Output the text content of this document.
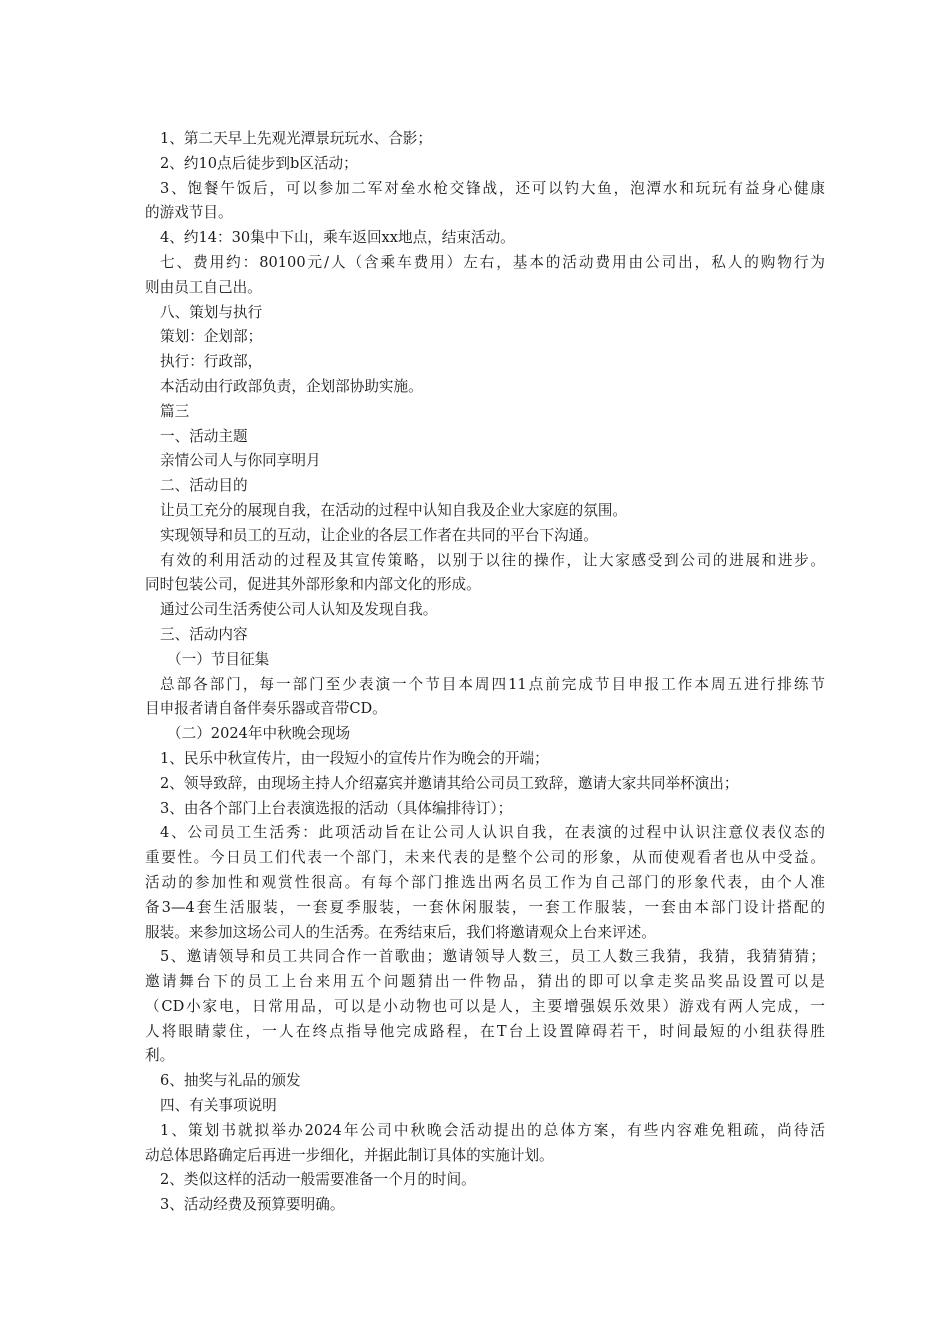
1、第二天早上先观光潭景玩玩水、合影；
2、约10点后徒步到b区活动；
3、饱餐午饭后，可以参加二军对垒水枪交锋战，还可以钓大鱼，泡潭水和玩玩有益身心健康
的游戏节目。
4、约14：30集中下山，乘车返回xx地点，结束活动。
七、费用约：80100元/人（含乘车费用）左右，基本的活动费用由公司出，私人的购物行为
则由员工自己出。
八、策划与执行
策划：企划部；
执行：行政部，
本活动由行政部负责，企划部协助实施。
篇三
一、活动主题
亲情公司人与你同享明月
二、活动目的
让员工充分的展现自我，在活动的过程中认知自我及企业大家庭的氛围。
实现领导和员工的互动，让企业的各层工作者在共同的平台下沟通。
有效的利用活动的过程及其宣传策略，以别于以往的操作，让大家感受到公司的进展和进步。
同时包装公司，促进其外部形象和内部文化的形成。
通过公司生活秀使公司人认知及发现自我。
三、活动内容
（一）节目征集
总部各部门，每一部门至少表演一个节目本周四11点前完成节目申报工作本周五进行排练节
目申报者请自备伴奏乐器或音带CD。
（二）2024年中秋晚会现场
1、民乐中秋宣传片，由一段短小的宣传片作为晚会的开端；
2、领导致辞，由现场主持人介绍嘉宾并邀请其给公司员工致辞，邀请大家共同举杯演出；
3、由各个部门上台表演选报的活动（具体编排待订）；
4、公司员工生活秀：此项活动旨在让公司人认识自我，在表演的过程中认识注意仪表仪态的
重要性。今日员工们代表一个部门，未来代表的是整个公司的形象，从而使观看者也从中受益。
活动的参加性和观赏性很高。有每个部门推选出两名员工作为自己部门的形象代表，由个人准
备3—4套生活服装，一套夏季服装，一套休闲服装，一套工作服装，一套由本部门设计搭配的
服装。来参加这场公司人的生活秀。在秀结束后，我们将邀请观众上台来评述。
5、邀请领导和员工共同合作一首歌曲；邀请领导人数三，员工人数三我猜，我猜，我猜猜猜；
邀请舞台下的员工上台来用五个问题猜出一件物品，猜出的即可以拿走奖品奖品设置可以是
（CD小家电，日常用品，可以是小动物也可以是人，主要增强娱乐效果）游戏有两人完成，一
人将眼睛蒙住，一人在终点指导他完成路程，在T台上设置障碍若干，时间最短的小组获得胜
利。
6、抽奖与礼品的颁发
四、有关事项说明
1、策划书就拟举办2024年公司中秋晚会活动提出的总体方案，有些内容难免粗疏，尚待活
动总体思路确定后再进一步细化，并据此制订具体的实施计划。
2、类似这样的活动一般需要准备一个月的时间。
3、活动经费及预算要明确。
